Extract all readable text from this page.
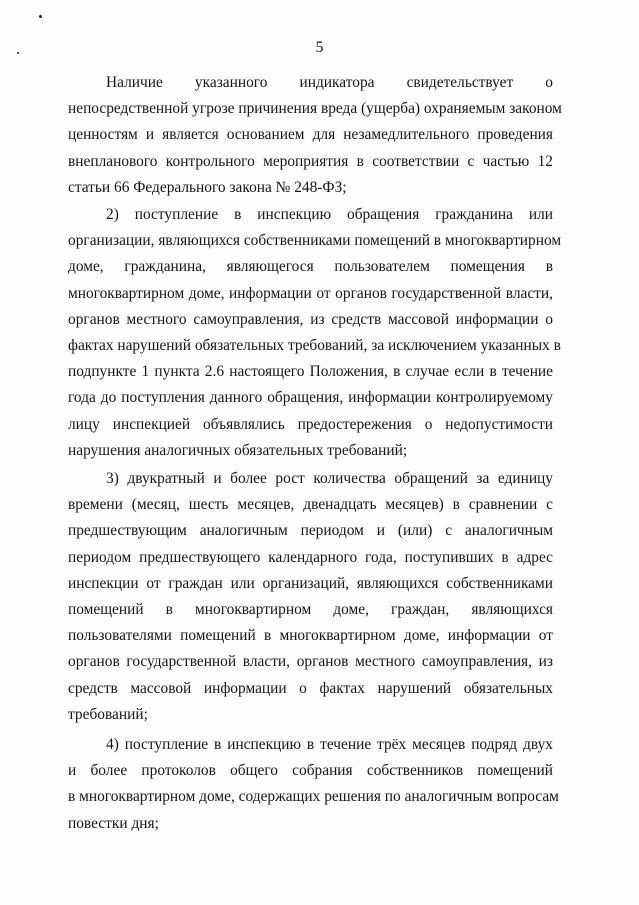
5
Наличие указанного индикатора свидетельствует о
непосредственной угрозе причинения вреда (ущерба) охраняемым законом
ценностям и является основанием для незамедлительного проведения
внепланового контрольного мероприятия в соответствии с частью 12
статьи 66 Федерального закона № 248-ФЗ;
2) поступление в инспекцию обращения гражданина или
организации, являющихся собственниками помещений в многоквартирном
доме, гражданина, являющегося пользователем помещения в
многоквартирном доме, информации от органов государственной власти,
органов местного самоуправления, из средств массовой информации о
фактах нарушений обязательных требований, за исключением указанных в
подпункте 1 пункта 2.6 настоящего Положения, в случае если в течение
года до поступления данного обращения, информации контролируемому
лицу инспекцией объявлялись предостережения о недопустимости
нарушения аналогичных обязательных требований;
3) двукратный и более рост количества обращений за единицу
времени (месяц, шесть месяцев, двенадцать месяцев) в сравнении с
предшествующим аналогичным периодом и (или) с аналогичным
периодом предшествующего календарного года, поступивших в адрес
инспекции от граждан или организаций, являющихся собственниками
помещений в многоквартирном доме, граждан, являющихся
пользователями помещений в многоквартирном доме, информации от
органов государственной власти, органов местного самоуправления, из
средств массовой информации о фактах нарушений обязательных
требований;
4) поступление в инспекцию в течение трёх месяцев подряд двух
и более протоколов общего собрания собственников помещений
в многоквартирном доме, содержащих решения по аналогичным вопросам
повестки дня;
